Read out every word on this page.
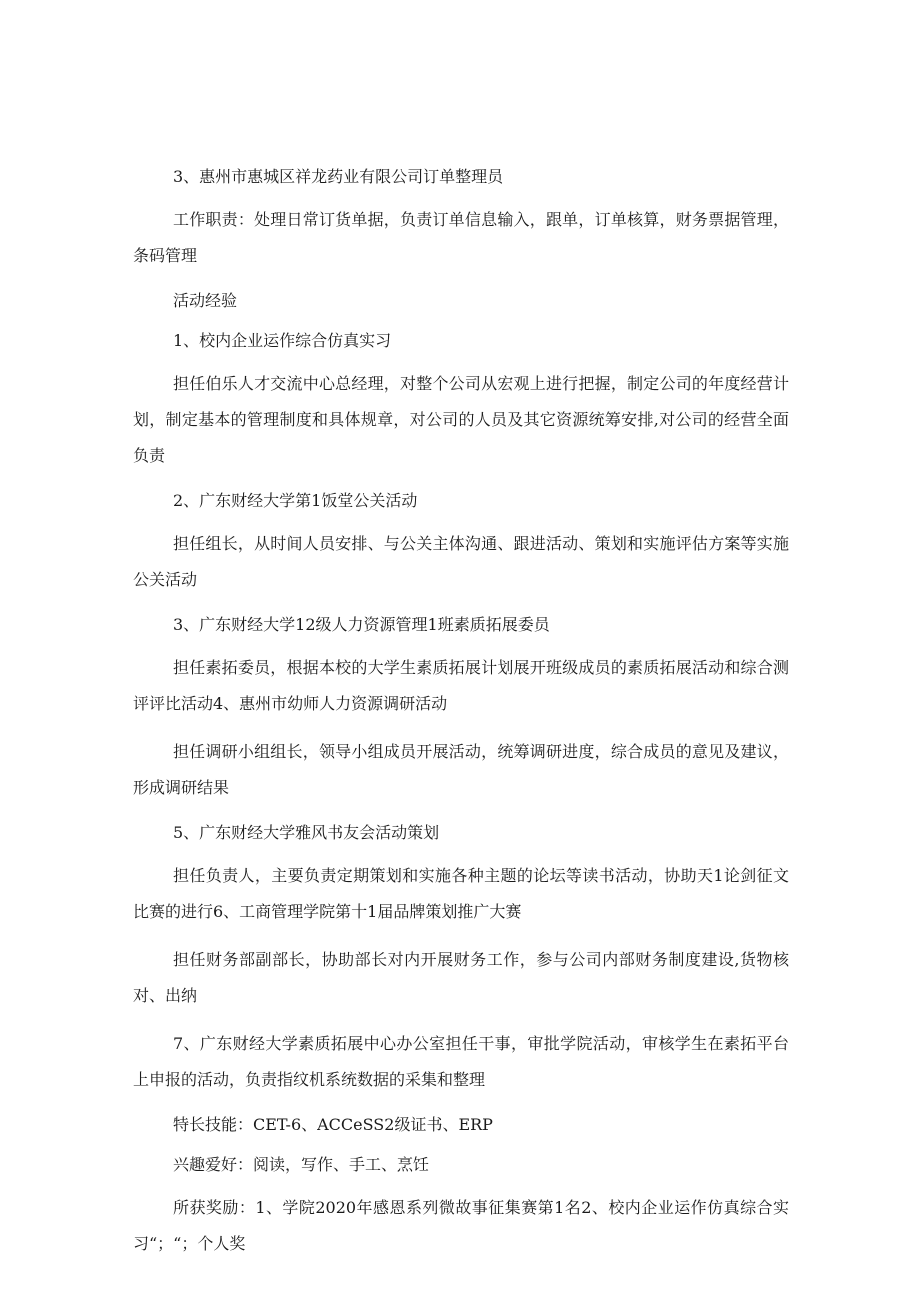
3、惠州市惠城区祥龙药业有限公司订单整理员

工作职责：处理日常订货单据，负责订单信息输入，跟单，订单核算，财务票据管理，条码管理

活动经验

1、校内企业运作综合仿真实习

担任伯乐人才交流中心总经理，对整个公司从宏观上进行把握，制定公司的年度经营计划，制定基本的管理制度和具体规章，对公司的人员及其它资源统筹安排,对公司的经营全面负责

2、广东财经大学第1饭堂公关活动

担任组长，从时间人员安排、与公关主体沟通、跟进活动、策划和实施评估方案等实施公关活动

3、广东财经大学12级人力资源管理1班素质拓展委员

担任素拓委员，根据本校的大学生素质拓展计划展开班级成员的素质拓展活动和综合测评评比活动4、惠州市幼师人力资源调研活动

担任调研小组组长，领导小组成员开展活动，统筹调研进度，综合成员的意见及建议，形成调研结果

5、广东财经大学雅风书友会活动策划

担任负责人，主要负责定期策划和实施各种主题的论坛等读书活动，协助天1论剑征文比赛的进行6、工商管理学院第十1届品牌策划推广大赛

担任财务部副部长，协助部长对内开展财务工作，参与公司内部财务制度建设,货物核对、出纳

7、广东财经大学素质拓展中心办公室担任干事，审批学院活动，审核学生在素拓平台上申报的活动，负责指纹机系统数据的采集和整理

特长技能：CET-6、ACCeSS2级证书、ERP

兴趣爱好：阅读，写作、手工、烹饪

所获奖励：1、学院2020年感恩系列微故事征集赛第1名2、校内企业运作仿真综合实习“；“；个人奖
